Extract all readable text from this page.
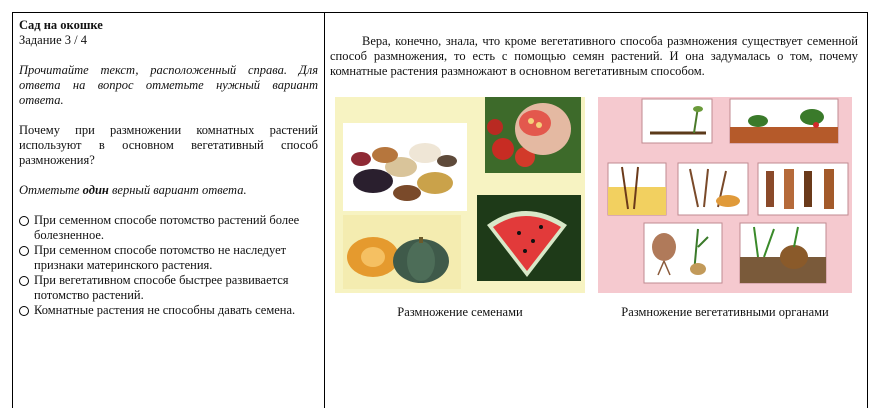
Сад на окошке

Задание 3 / 4

Прочитайте текст, расположенный справа. Для ответа на вопрос отметьте нужный вариант ответа.

Почему при размножении комнатных растений используют в основном вегетативный способ размножения?

Отметьте один верный вариант ответа.

При семенном способе потомство растений более болезненное.
При семенном способе потомство не наследует признаки материнского растения.
При вегетативном способе быстрее развивается потомство растений.
Комнатные растения не способны давать семена.

Вера, конечно, знала, что кроме вегетативного способа размножения существует семенной способ размножения, то есть с помощью семян растений. И она задумалась о том, почему комнатные растения размножают в основном вегетативным способом.

Размножение семенами	Размножение вегетативными органами
